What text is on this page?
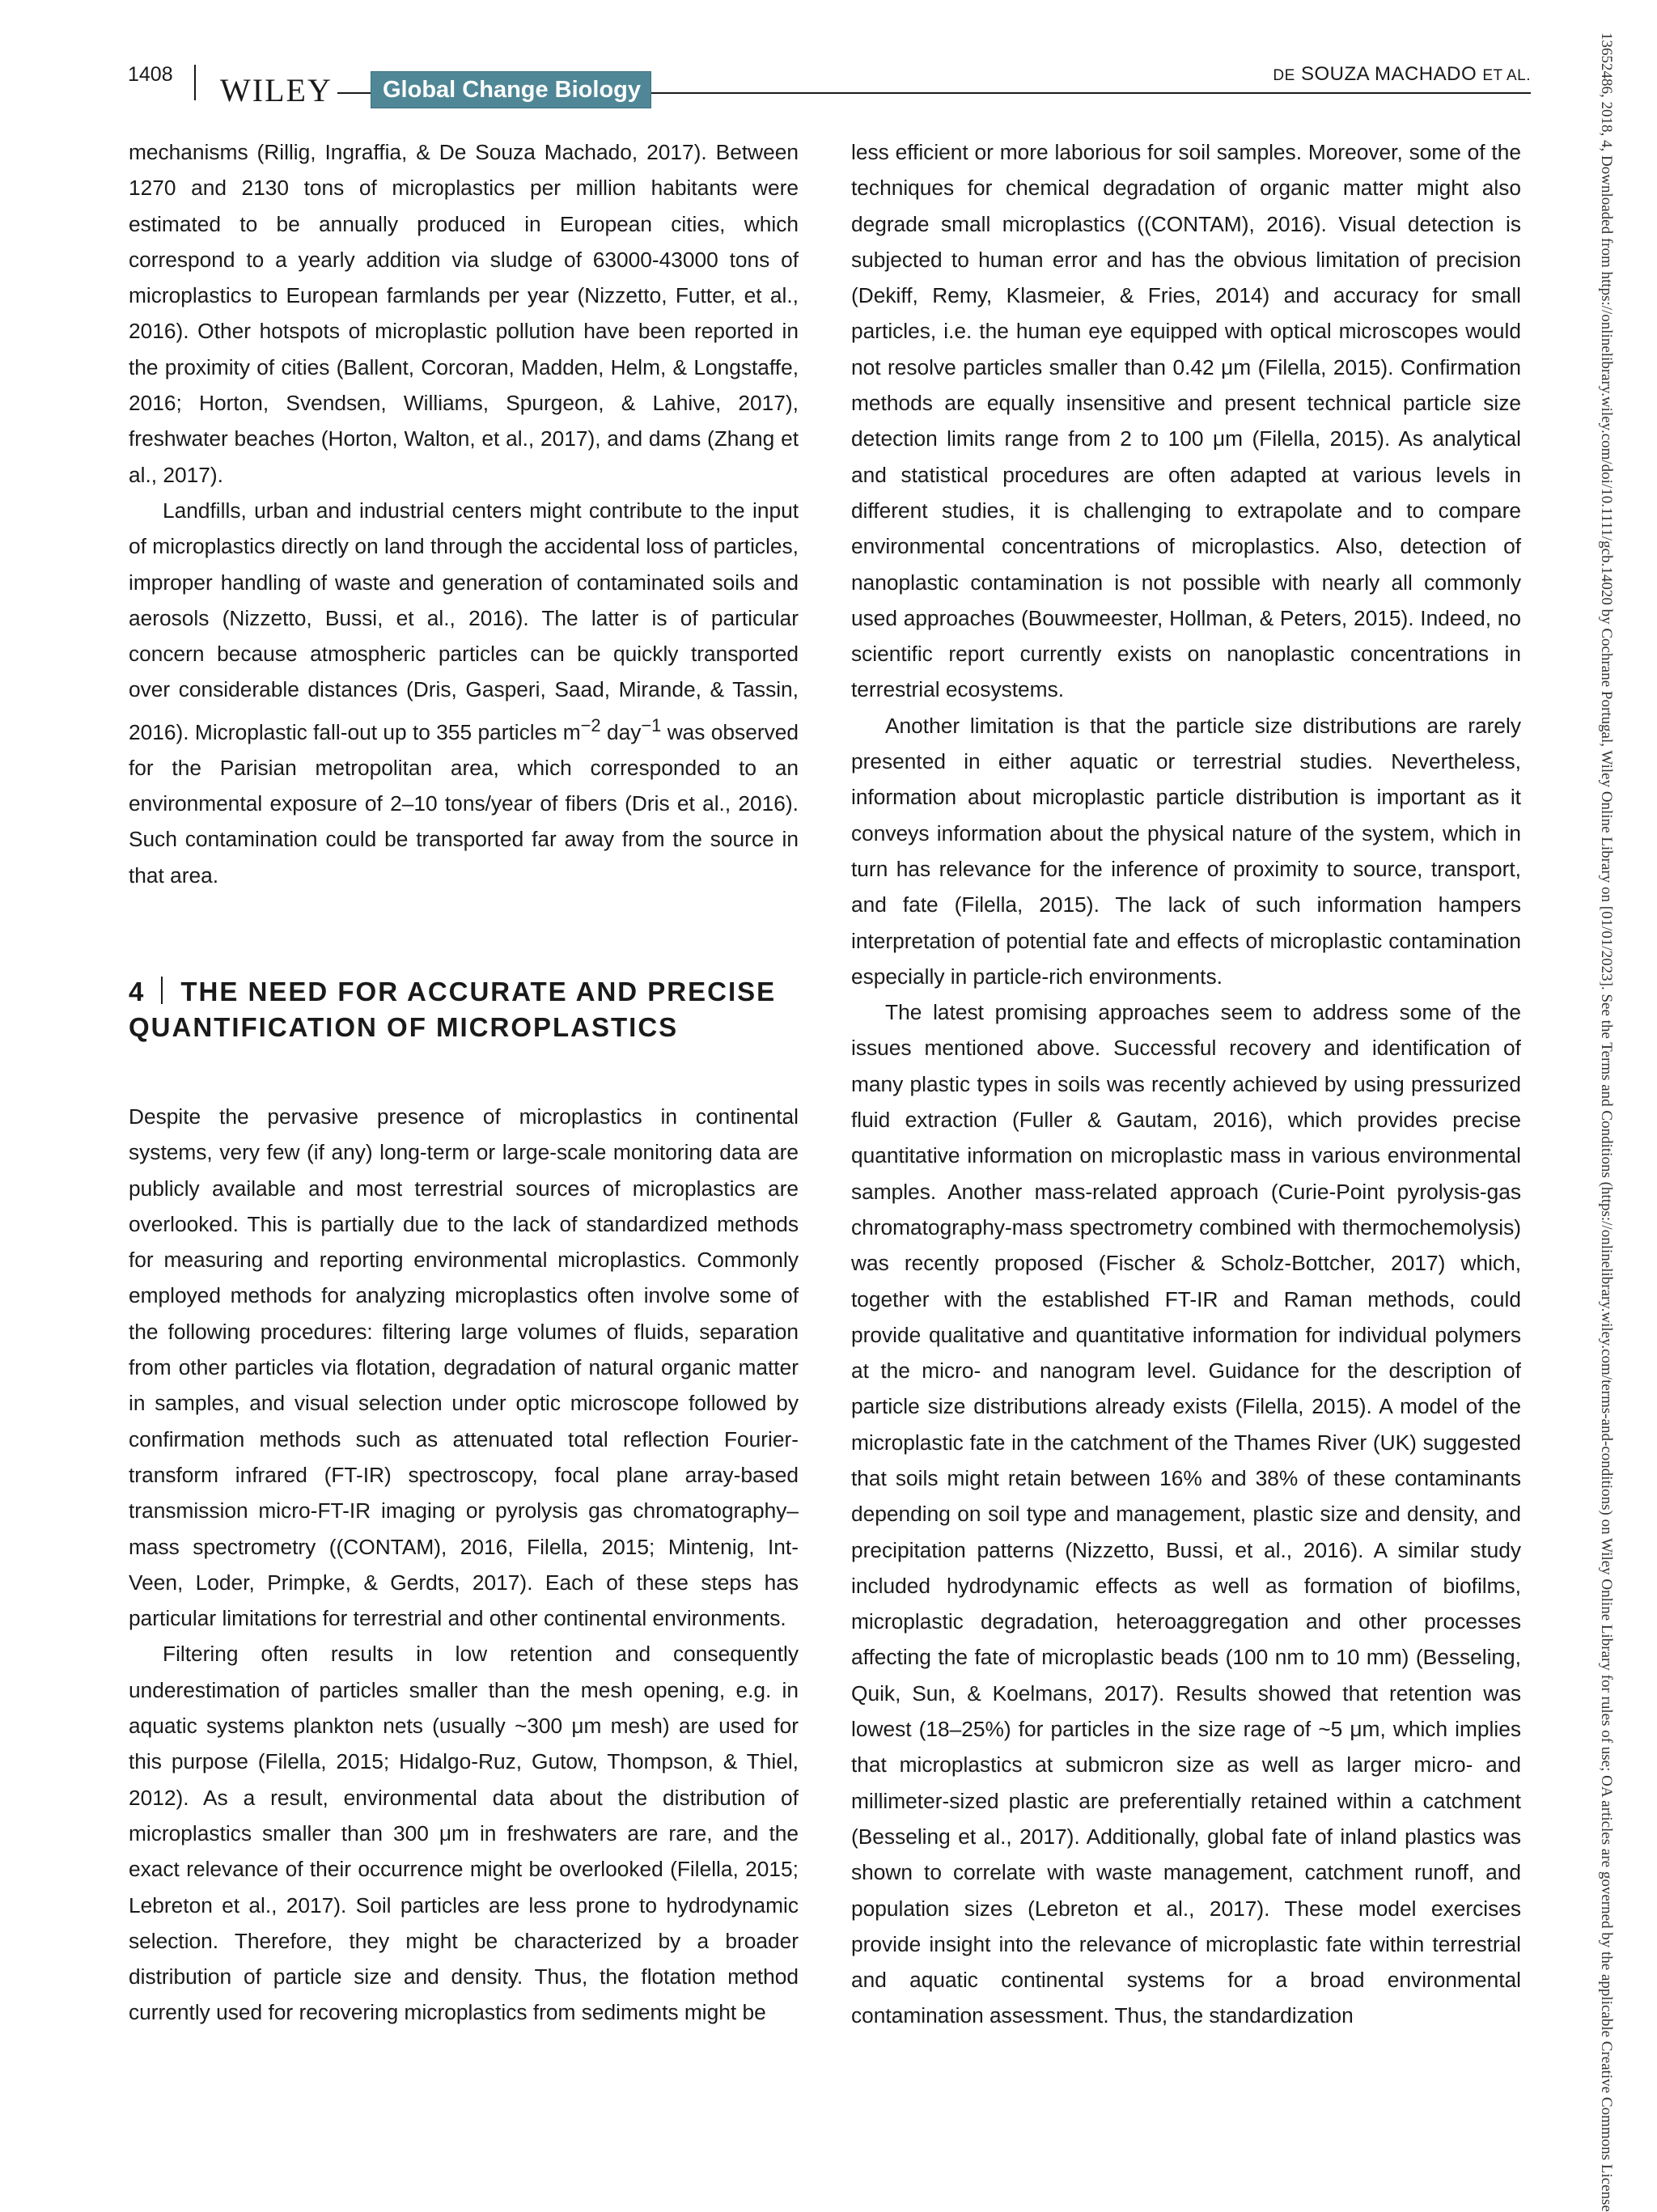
1408 WILEY	Global Change Biology
DE SOUZA MACHADO ET AL.

mechanisms (Rillig, Ingraffia, & De Souza Machado, 2017). Between 1270 and 2130 tons of microplastics per million habitants were estimated to be annually produced in European cities, which correspond to a yearly addition via sludge of 63000-43000 tons of microplastics to European farmlands per year (Nizzetto, Futter, et al., 2016). Other hotspots of microplastic pollution have been reported in the proximity of cities (Ballent, Corcoran, Madden, Helm, & Longstaffe, 2016; Horton, Svendsen, Williams, Spurgeon, & Lahive, 2017), freshwater beaches (Horton, Walton, et al., 2017), and dams (Zhang et al., 2017).

Landfills, urban and industrial centers might contribute to the input of microplastics directly on land through the accidental loss of particles, improper handling of waste and generation of contaminated soils and aerosols (Nizzetto, Bussi, et al., 2016). The latter is of particular concern because atmospheric particles can be quickly transported over considerable distances (Dris, Gasperi, Saad, Mirande, & Tassin, 2016). Microplastic fall-out up to 355 particles $m^{-2}$ day$^{-1}$ was observed for the Parisian metropolitan area, which corresponded to an environmental exposure of 2–10 tons/year of fibers (Dris et al., 2016). Such contamination could be transported far away from the source in that area.

4 THE NEED FOR ACCURATE AND PRECISE QUANTIFICATION OF MICROPLASTICS

Despite the pervasive presence of microplastics in continental systems, very few (if any) long-term or large-scale monitoring data are publicly available and most terrestrial sources of microplastics are overlooked. This is partially due to the lack of standardized methods for measuring and reporting environmental microplastics. Commonly employed methods for analyzing microplastics often involve some of the following procedures: filtering large volumes of fluids, separation from other particles via flotation, degradation of natural organic matter in samples, and visual selection under optic microscope followed by confirmation methods such as attenuated total reflection Fourier-transform infrared (FT-IR) spectroscopy, focal plane array-based transmission micro-FT-IR imaging or pyrolysis gas chromatography–mass spectrometry ((CONTAM), 2016, Filella, 2015; Mintenig, Int-Veen, Loder, Primpke, & Gerdts, 2017). Each of these steps has particular limitations for terrestrial and other continental environments.

Filtering often results in low retention and consequently underestimation of particles smaller than the mesh opening, e.g. in aquatic systems plankton nets (usually ~300 μm mesh) are used for this purpose (Filella, 2015; Hidalgo-Ruz, Gutow, Thompson, & Thiel, 2012). As a result, environmental data about the distribution of microplastics smaller than 300 μm in freshwaters are rare, and the exact relevance of their occurrence might be overlooked (Filella, 2015; Lebreton et al., 2017). Soil particles are less prone to hydrodynamic selection. Therefore, they might be characterized by a broader distribution of particle size and density. Thus, the flotation method currently used for recovering microplastics from sediments might be

less efficient or more laborious for soil samples. Moreover, some of the techniques for chemical degradation of organic matter might also degrade small microplastics ((CONTAM), 2016). Visual detection is subjected to human error and has the obvious limitation of precision (Dekiff, Remy, Klasmeier, & Fries, 2014) and accuracy for small particles, i.e. the human eye equipped with optical microscopes would not resolve particles smaller than 0.42 μm (Filella, 2015). Confirmation methods are equally insensitive and present technical particle size detection limits range from 2 to 100 μm (Filella, 2015). As analytical and statistical procedures are often adapted at various levels in different studies, it is challenging to extrapolate and to compare environmental concentrations of microplastics. Also, detection of nanoplastic contamination is not possible with nearly all commonly used approaches (Bouwmeester, Hollman, & Peters, 2015). Indeed, no scientific report currently exists on nanoplastic concentrations in terrestrial ecosystems.

Another limitation is that the particle size distributions are rarely presented in either aquatic or terrestrial studies. Nevertheless, information about microplastic particle distribution is important as it conveys information about the physical nature of the system, which in turn has relevance for the inference of proximity to source, transport, and fate (Filella, 2015). The lack of such information hampers interpretation of potential fate and effects of microplastic contamination especially in particle-rich environments.

The latest promising approaches seem to address some of the issues mentioned above. Successful recovery and identification of many plastic types in soils was recently achieved by using pressurized fluid extraction (Fuller & Gautam, 2016), which provides precise quantitative information on microplastic mass in various environmental samples. Another mass-related approach (Curie-Point pyrolysis-gas chromatography-mass spectrometry combined with thermochemolysis) was recently proposed (Fischer & Scholz-Bottcher, 2017) which, together with the established FT-IR and Raman methods, could provide qualitative and quantitative information for individual polymers at the micro- and nanogram level. Guidance for the description of particle size distributions already exists (Filella, 2015). A model of the microplastic fate in the catchment of the Thames River (UK) suggested that soils might retain between 16% and 38% of these contaminants depending on soil type and management, plastic size and density, and precipitation patterns (Nizzetto, Bussi, et al., 2016). A similar study included hydrodynamic effects as well as formation of biofilms, microplastic degradation, heteroaggregation and other processes affecting the fate of microplastic beads (100 nm to 10 mm) (Besseling, Quik, Sun, & Koelmans, 2017). Results showed that retention was lowest (18–25%) for particles in the size rage of ~5 μm, which implies that microplastics at submicron size as well as larger micro- and millimeter-sized plastic are preferentially retained within a catchment (Besseling et al., 2017). Additionally, global fate of inland plastics was shown to correlate with waste management, catchment runoff, and population sizes (Lebreton et al., 2017). These model exercises provide insight into the relevance of microplastic fate within terrestrial and aquatic continental systems for a broad environmental contamination assessment. Thus, the standardization	13652486, 2018, 4, Downloaded from https://onlinelibrary.wiley.com/doi/10.1111/gcb.14020 by Cochrane Portugal, Wiley Online Library on [01/01/2023]. See the Terms and Conditions (https://onlinelibrary.wiley.com/terms-and-conditions) on Wiley Online Library for rules of use; OA articles are governed by the applicable Creative Commons License
